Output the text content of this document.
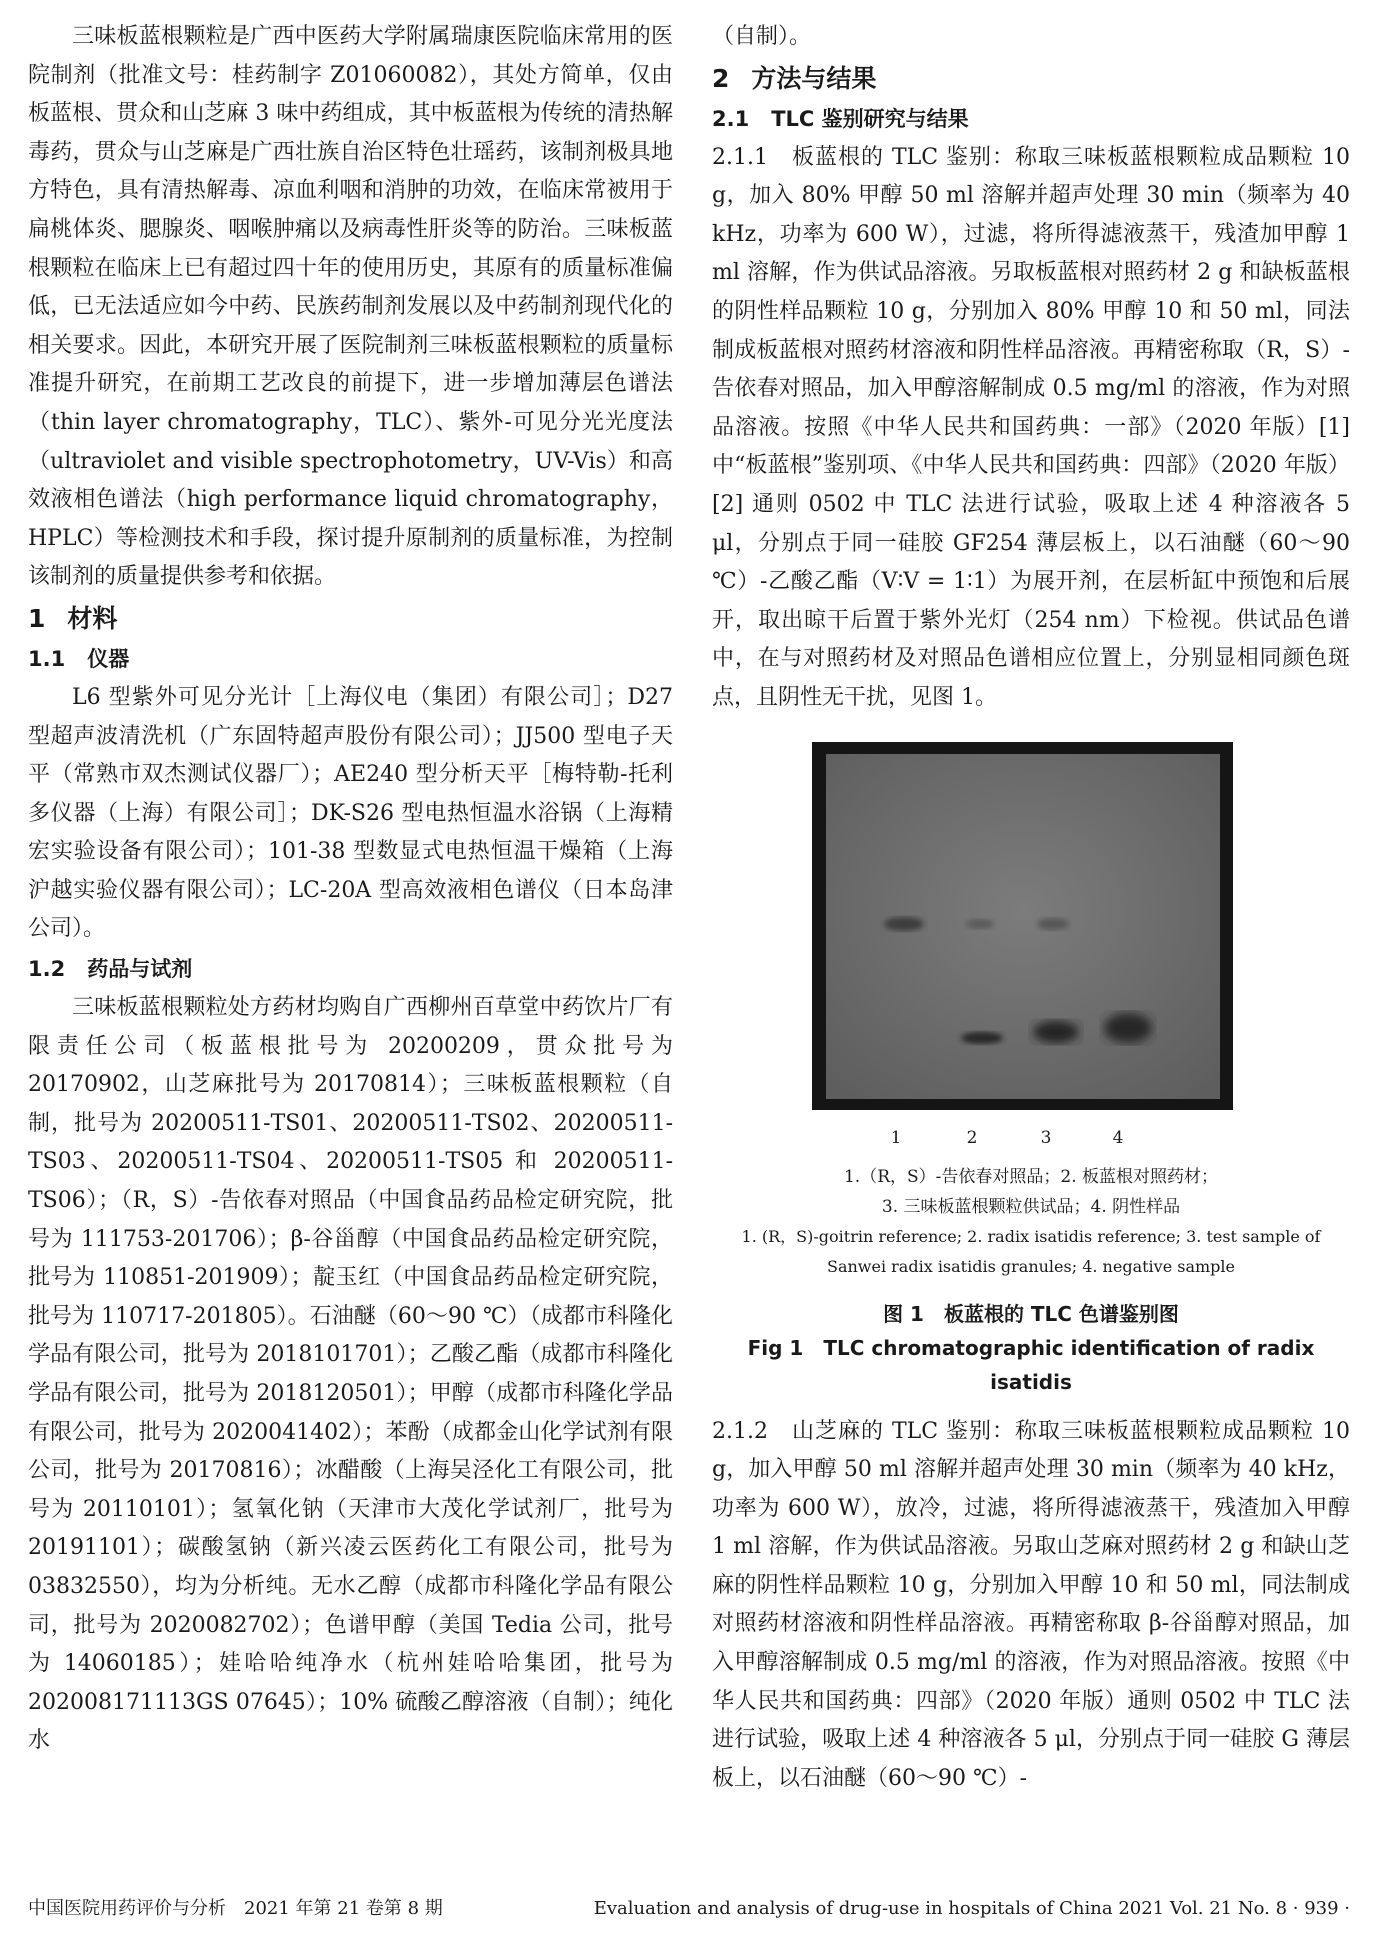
三味板蓝根颗粒是广西中医药大学附属瑞康医院临床常用的医院制剂（批准文号：桂药制字 Z01060082），其处方简单，仅由板蓝根、贯众和山芝麻 3 味中药组成，其中板蓝根为传统的清热解毒药，贯众与山芝麻是广西壮族自治区特色壮瑶药，该制剂极具地方特色，具有清热解毒、凉血利咽和消肿的功效，在临床常被用于扁桃体炎、腮腺炎、咽喉肿痛以及病毒性肝炎等的防治。三味板蓝根颗粒在临床上已有超过四十年的使用历史，其原有的质量标准偏低，已无法适应如今中药、民族药制剂发展以及中药制剂现代化的相关要求。因此，本研究开展了医院制剂三味板蓝根颗粒的质量标准提升研究，在前期工艺改良的前提下，进一步增加薄层色谱法（thin layer chromatography，TLC）、紫外-可见分光光度法（ultraviolet and visible spectrophotometry，UV-Vis）和高效液相色谱法（high performance liquid chromatography，HPLC）等检测技术和手段，探讨提升原制剂的质量标准，为控制该制剂的质量提供参考和依据。

1 材料
1.1 仪器

L6 型紫外可见分光计［上海仪电（集团）有限公司］；D27 型超声波清洗机（广东固特超声股份有限公司）；JJ500 型电子天平（常熟市双杰测试仪器厂）；AE240 型分析天平［梅特勒-托利多仪器（上海）有限公司］；DK-S26 型电热恒温水浴锅（上海精宏实验设备有限公司）；101-38 型数显式电热恒温干燥箱（上海沪越实验仪器有限公司）；LC-20A 型高效液相色谱仪（日本岛津公司）。

1.2 药品与试剂

三味板蓝根颗粒处方药材均购自广西柳州百草堂中药饮片厂有限责任公司（板蓝根批号为 20200209，贯众批号为 20170902，山芝麻批号为 20170814）；三味板蓝根颗粒（自制，批号为 20200511-TS01、20200511-TS02、20200511-TS03、20200511-TS04、20200511-TS05 和 20200511-TS06）；（R，S）-告依春对照品（中国食品药品检定研究院，批号为 111753-201706）；β-谷甾醇（中国食品药品检定研究院，批号为 110851-201909）；靛玉红（中国食品药品检定研究院，批号为 110717-201805）。石油醚（60～90 ℃）（成都市科隆化学品有限公司，批号为 2018101701）；乙酸乙酯（成都市科隆化学品有限公司，批号为 2018120501）；甲醇（成都市科隆化学品有限公司，批号为 2020041402）；苯酚（成都金山化学试剂有限公司，批号为 20170816）；冰醋酸（上海吴泾化工有限公司，批号为 20110101）；氢氧化钠（天津市大茂化学试剂厂，批号为 20191101）；碳酸氢钠（新兴凌云医药化工有限公司，批号为 03832550），均为分析纯。无水乙醇（成都市科隆化学品有限公司，批号为 2020082702）；色谱甲醇（美国 Tedia 公司，批号为 14060185）；娃哈哈纯净水（杭州娃哈哈集团，批号为 202008171113GS 07645）；10% 硫酸乙醇溶液（自制）；纯化水

（自制）。

2 方法与结果
2.1 TLC 鉴别研究与结果

2.1.1　板蓝根的 TLC 鉴别：称取三味板蓝根颗粒成品颗粒 10 g，加入 80% 甲醇 50 ml 溶解并超声处理 30 min（频率为 40 kHz，功率为 600 W），过滤，将所得滤液蒸干，残渣加甲醇 1 ml 溶解，作为供试品溶液。另取板蓝根对照药材 2 g 和缺板蓝根的阴性样品颗粒 10 g，分别加入 80% 甲醇 10 和 50 ml，同法制成板蓝根对照药材溶液和阴性样品溶液。再精密称取（R，S）-告依春对照品，加入甲醇溶解制成 0.5 mg/ml 的溶液，作为对照品溶液。按照《中华人民共和国药典：一部》（2020 年版）[1] 中“板蓝根”鉴别项、《中华人民共和国药典：四部》（2020 年版）[2] 通则 0502 中 TLC 法进行试验，吸取上述 4 种溶液各 5 μl，分别点于同一硅胶 GF254 薄层板上，以石油醚（60～90 ℃）-乙酸乙酯（V∶V = 1∶1）为展开剂，在层析缸中预饱和后展开，取出晾干后置于紫外光灯（254 nm）下检视。供试品色谱中，在与对照药材及对照品色谱相应位置上，分别显相同颜色斑点，且阴性无干扰，见图 1。

1	2	3	4

1.（R，S）-告依春对照品；2. 板蓝根对照药材；

3. 三味板蓝根颗粒供试品；4. 阴性样品

1. (R，S)-goitrin reference; 2. radix isatidis reference; 3. test sample of

Sanwei radix isatidis granules; 4. negative sample

图 1　板蓝根的 TLC 色谱鉴别图

Fig 1　TLC chromatographic identification of radix isatidis

2.1.2　山芝麻的 TLC 鉴别：称取三味板蓝根颗粒成品颗粒 10 g，加入甲醇 50 ml 溶解并超声处理 30 min（频率为 40 kHz，功率为 600 W），放冷，过滤，将所得滤液蒸干，残渣加入甲醇 1 ml 溶解，作为供试品溶液。另取山芝麻对照药材 2 g 和缺山芝麻的阴性样品颗粒 10 g，分别加入甲醇 10 和 50 ml，同法制成对照药材溶液和阴性样品溶液。再精密称取 β-谷甾醇对照品，加入甲醇溶解制成 0.5 mg/ml 的溶液，作为对照品溶液。按照《中华人民共和国药典：四部》（2020 年版）通则 0502 中 TLC 法进行试验，吸取上述 4 种溶液各 5 μl，分别点于同一硅胶 G 薄层板上，以石油醚（60～90 ℃）-

中国医院用药评价与分析　2021 年第 21 卷第 8 期	Evaluation and analysis of drug-use in hospitals of China 2021 Vol. 21 No. 8 · 939 ·
